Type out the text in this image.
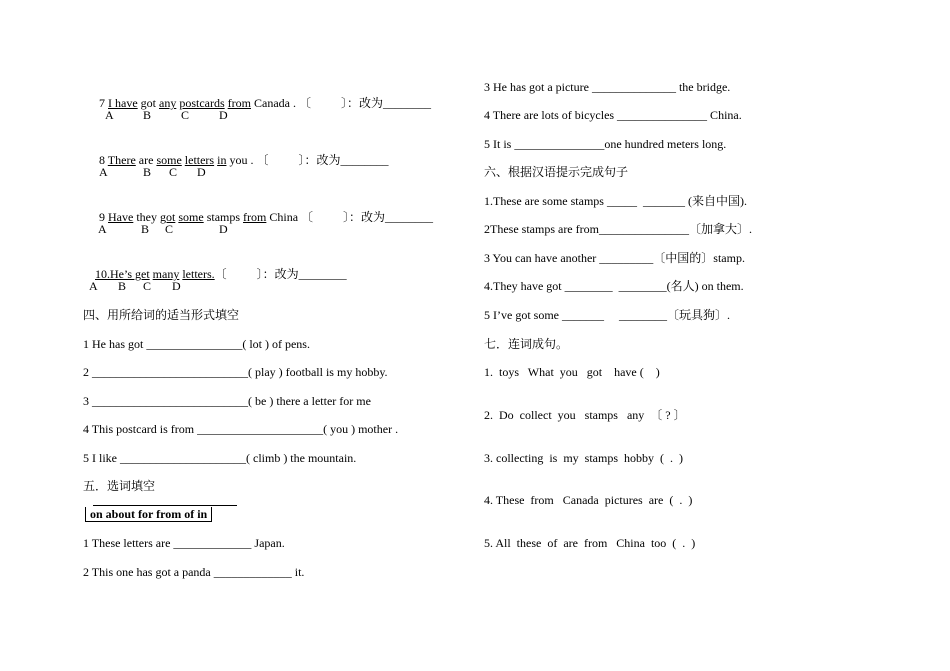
7 I have got any postcards from Canada . 〔          〕：改为________

A

B

C

D

8 There are some letters in you . 〔          〕：改为________

A

	B

C

D

9 Have they got some stamps from China 〔          〕：改为________

A

	B

C

	D

10.He’s get many letters.〔          〕：改为________

A

B

C

D

四、用所给词的适当形式填空
1 He has got ________________( lot ) of pens.
2 __________________________( play ) football is my hobby.
3 __________________________( be ) there a letter for me
4 This postcard is from _____________________( you ) mother .
5 I like _____________________( climb ) the mountain.
五．选词填空
on about for from of in
1 These letters are _____________ Japan.
2 This one has got a panda _____________ it.
3 He has got a picture ______________ the bridge.
4 There are lots of bicycles _______________ China.
5 It is _______________one hundred meters long.
六、根据汉语提示完成句子
1.These are some stamps _____  _______ (来自中国).
2These stamps are from_______________〔加拿大〕.
3 You can have another _________〔中国的〕stamp.
4.They have got ________  ________(名人) on them.
5 I’ve got some _______     ________〔玩具狗〕.
七．连词成句。
1.  toys   What  you   got    have (    )
2.  Do  collect  you   stamps   any  〔 ? 〕
3. collecting  is  my  stamps  hobby  (  .  )
4. These  from   Canada  pictures  are  (  .  )
5. All  these  of  are  from   China  too  (  .  )
